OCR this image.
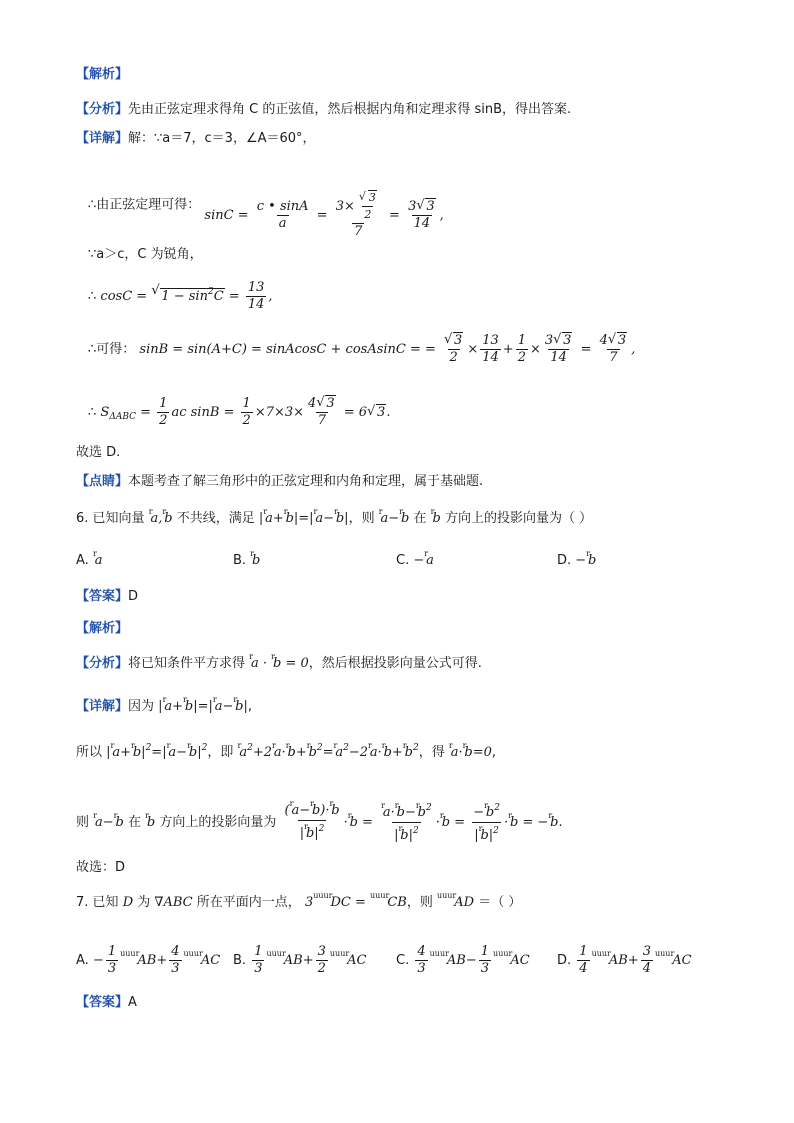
【解析】
【分析】先由正弦定理求得角 C 的正弦值，然后根据内角和定理求得 sinB，得出答案.
【详解】解：∵a＝7，c＝3，∠A＝60°，
∴由正弦定理可得： $\sin C = \frac{c • \sin A}{a} = 3\times$
√ $\frac{3}{2}$
$7 = \frac{3√ 3}{14}$ ,
∵a＞c，C 为锐角，
∴ cosC = √ $1 - \sin^2C = \frac{13}{14}$ ,
∴可得： sinB = sin(A+C) = sinAcosC + cosAsinC = =
√ $\frac{3}{2} \times \frac{13}{14} + \frac{1}{2} \times \frac{3√ 3}{14} = \frac{4√ 3}{7}$ ,
∴ $S_{\Delta ABC} = \frac{1}{2}$ ac $\sin B = \frac{1}{2} \times 7\times 3\times \frac{4√ 3}{7} = 6√$ 3.
故选 D.
【点睛】本题考查了解三角形中的正弦定理和内角和定理，属于基础题.
6. 已知向量 $^r$a,$^r$b 不共线，满足 $|^ra+^rb|=|^ra-^rb|$，则 $^r$a−$^r$b 在 $^r$b 方向上的投影向量为（ ）
A. $^r$a	B. $^r$b	C. −$^r$a	D. −$^r$b
【答案】D
【解析】
【分析】将已知条件平方求得 $^r$a · $^r$b = 0，然后根据投影向量公式可得.
【详解】因为 $|^ra+^rb|=|^ra-^rb|$,
所以 $|^ra+^rb|^2=|^ra-^rb|^2$，即 $^ra^2+2^ra\cdot^rb+^rb^2=^ra^2-2^ra\cdot^rb+^rb^2$，得 $^r$a·$^r$b=0,
则 $^r$a−$^r$b 在 $^r$b 方向上的投影向量为 $\frac{(^ra-^rb)\cdot^rb}{|^rb|^2} \cdot^rb = \frac{^ra\cdot^rb-^rb^2}{|^rb|^2} \cdot^rb = \frac{-^rb^2}{|^rb|^2} \cdot^rb = -^rb$.
故选：D
7. 已知 D 为 ∇ABC 所在平面内一点， $3^{uuur}DC = ^{uuur}CB$，则 $^{uuur}$AD ＝（ ）
A. − $\frac{1}{3} ^{uuur}AB+ \frac{4}{3} ^{uuur}AC$ B. $\frac{1}{3} ^{uuur}AB+ \frac{3}{2} ^{uuur}AC$ C. $\frac{4}{3} ^{uuur}AB- \frac{1}{3} ^{uuur}AC$ D. $\frac{1}{4} ^{uuur}AB+ \frac{3}{4} ^{uuur}AC$
【答案】A
